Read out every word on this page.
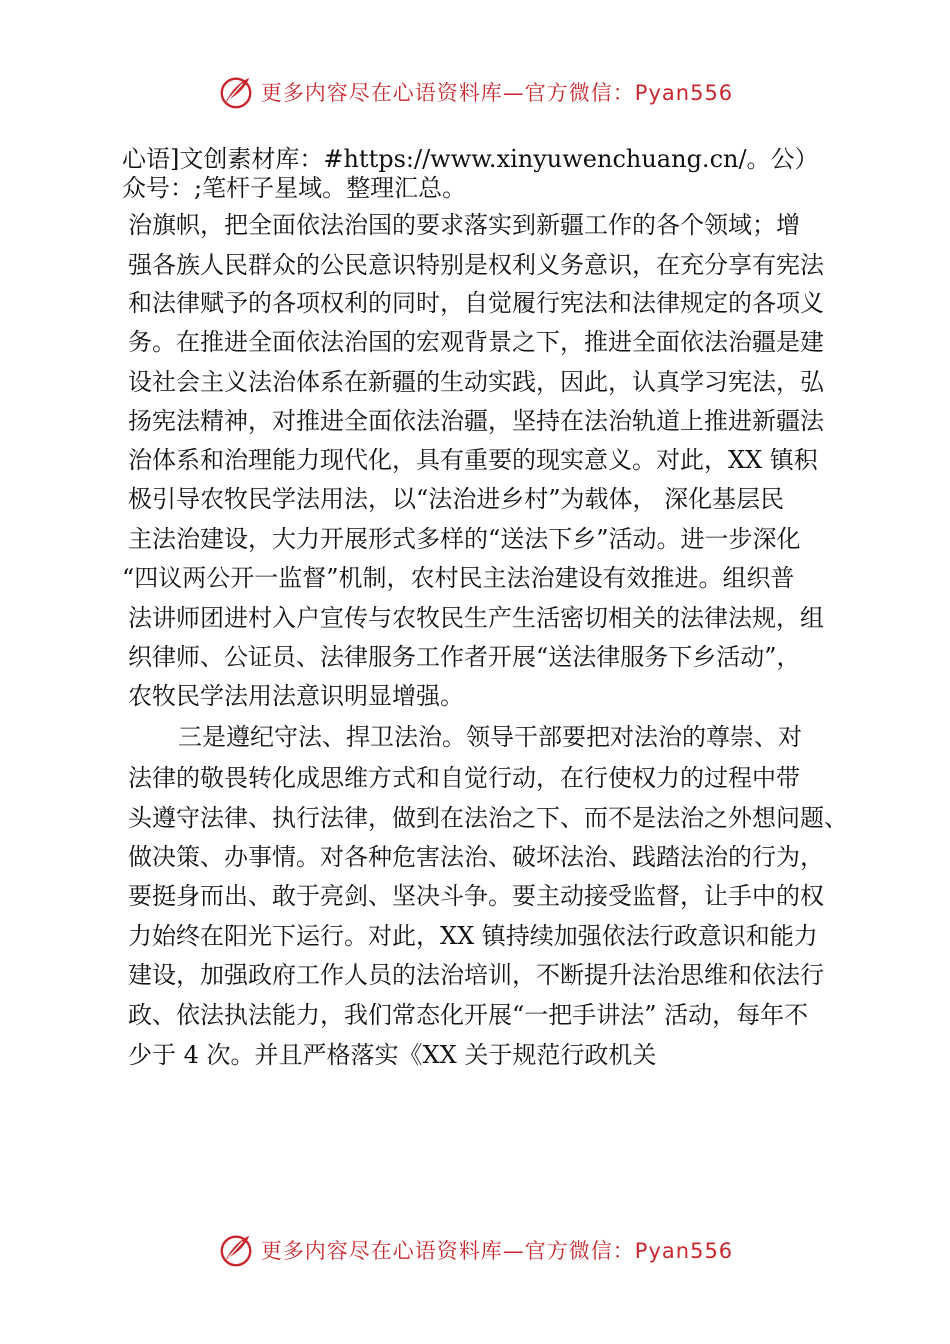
更多内容尽在心语资料库—官方微信：Pyan556
心语]文创素材库：#https://www.xinyuwenchuang.cn/。公）众号：;笔杆子星域。整理汇总。
治旗帜，把全面依法治国的要求落实到新疆工作的各个领域；增
强各族人民群众的公民意识特别是权利义务意识，在充分享有宪法
和法律赋予的各项权利的同时，自觉履行宪法和法律规定的各项义
务。在推进全面依法治国的宏观背景之下，推进全面依法治疆是建
设社会主义法治体系在新疆的生动实践，因此，认真学习宪法，弘
扬宪法精神，对推进全面依法治疆，坚持在法治轨道上推进新疆法
治体系和治理能力现代化，具有重要的现实意义。对此，XX 镇积
极引导农牧民学法用法，以“法治进乡村”为载体， 深化基层民
主法治建设，大力开展形式多样的“送法下乡”活动。进一步深化
“四议两公开一监督”机制，农村民主法治建设有效推进。组织普
法讲师团进村入户宣传与农牧民生产生活密切相关的法律法规，组
织律师、公证员、法律服务工作者开展“送法律服务下乡活动”，
农牧民学法用法意识明显增强。
三是遵纪守法、捍卫法治。领导干部要把对法治的尊崇、对
法律的敬畏转化成思维方式和自觉行动，在行使权力的过程中带
头遵守法律、执行法律，做到在法治之下、而不是法治之外想问题、
做决策、办事情。对各种危害法治、破坏法治、践踏法治的行为，
要挺身而出、敢于亮剑、坚决斗争。要主动接受监督，让手中的权
力始终在阳光下运行。对此，XX 镇持续加强依法行政意识和能力
建设，加强政府工作人员的法治培训，不断提升法治思维和依法行
政、依法执法能力，我们常态化开展“一把手讲法” 活动，每年不
少于 4 次。并且严格落实《XX 关于规范行政机关
更多内容尽在心语资料库—官方微信：Pyan556
